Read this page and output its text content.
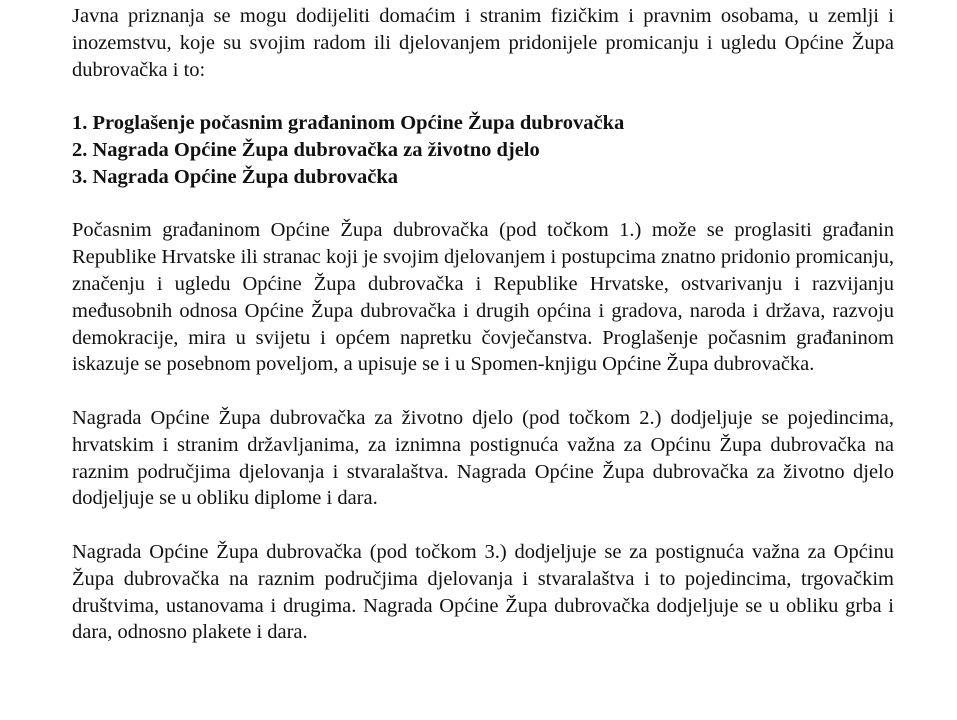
Javna priznanja se mogu dodijeliti domaćim i stranim fizičkim i pravnim osobama, u zemlji i inozemstvu, koje su svojim radom ili djelovanjem pridonijele promicanju i ugledu Općine Župa dubrovačka i to:

1. Proglašenje počasnim građaninom Općine Župa dubrovačka
2. Nagrada Općine Župa dubrovačka za životno djelo
3. Nagrada Općine Župa dubrovačka

Počasnim građaninom Općine Župa dubrovačka (pod točkom 1.) može se proglasiti građanin Republike Hrvatske ili stranac koji je svojim djelovanjem i postupcima znatno pridonio promicanju, značenju i ugledu Općine Župa dubrovačka i Republike Hrvatske, ostvarivanju i razvijanju međusobnih odnosa Općine Župa dubrovačka i drugih općina i gradova, naroda i država, razvoju demokracije, mira u svijetu i općem napretku čovječanstva. Proglašenje počasnim građaninom iskazuje se posebnom poveljom, a upisuje se i u Spomen-knjigu Općine Župa dubrovačka.

Nagrada Općine Župa dubrovačka za životno djelo (pod točkom 2.) dodjeljuje se pojedincima, hrvatskim i stranim državljanima, za iznimna postignuća važna za Općinu Župa dubrovačka na raznim područjima djelovanja i stvaralaštva. Nagrada Općine Župa dubrovačka za životno djelo dodjeljuje se u obliku diplome i dara.

Nagrada Općine Župa dubrovačka (pod točkom 3.) dodjeljuje se za postignuća važna za Općinu Župa dubrovačka na raznim područjima djelovanja i stvaralaštva i to pojedincima, trgovačkim društvima, ustanovama i drugima. Nagrada Općine Župa dubrovačka dodjeljuje se u obliku grba i dara, odnosno plakete i dara.
